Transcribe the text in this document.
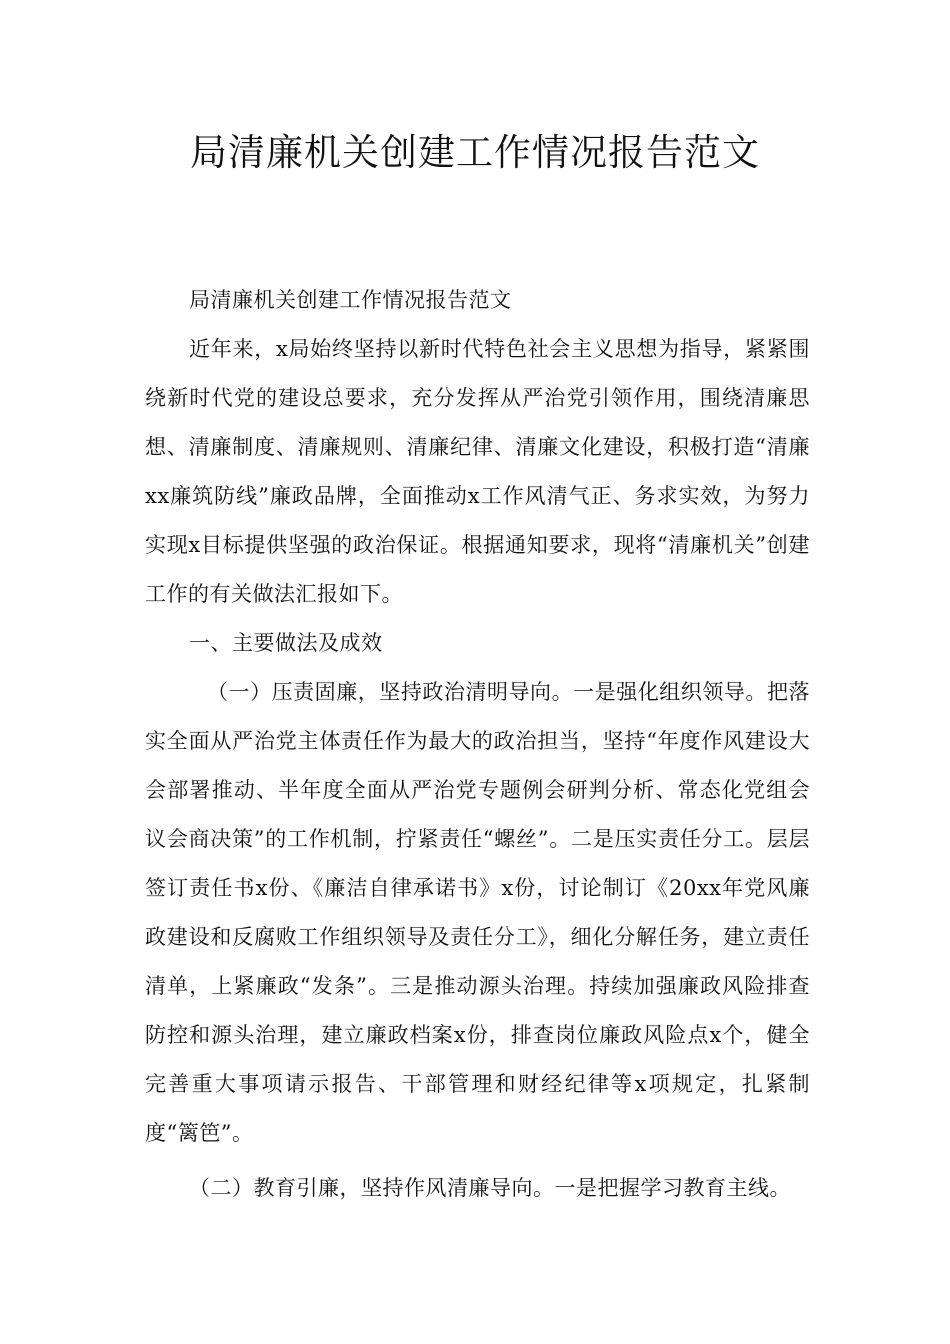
局清廉机关创建工作情况报告范文

局清廉机关创建工作情况报告范文

近年来，x局始终坚持以新时代特色社会主义思想为指导，紧紧围绕新时代党的建设总要求，充分发挥从严治党引领作用，围绕清廉思想、清廉制度、清廉规则、清廉纪律、清廉文化建设，积极打造“清廉xx廉筑防线”廉政品牌，全面推动x工作风清气正、务求实效，为努力实现x目标提供坚强的政治保证。根据通知要求，现将“清廉机关”创建工作的有关做法汇报如下。

一、主要做法及成效

（一）压责固廉，坚持政治清明导向。一是强化组织领导。把落实全面从严治党主体责任作为最大的政治担当，坚持“年度作风建设大会部署推动、半年度全面从严治党专题例会研判分析、常态化党组会议会商决策”的工作机制，拧紧责任“螺丝”。二是压实责任分工。层层签订责任书x份、《廉洁自律承诺书》x份，讨论制订《20xx年党风廉政建设和反腐败工作组织领导及责任分工》，细化分解任务，建立责任清单，上紧廉政“发条”。三是推动源头治理。持续加强廉政风险排查防控和源头治理，建立廉政档案x份，排查岗位廉政风险点x个，健全完善重大事项请示报告、干部管理和财经纪律等x项规定，扎紧制度“篱笆”。

（二）教育引廉，坚持作风清廉导向。一是把握学习教育主线。
